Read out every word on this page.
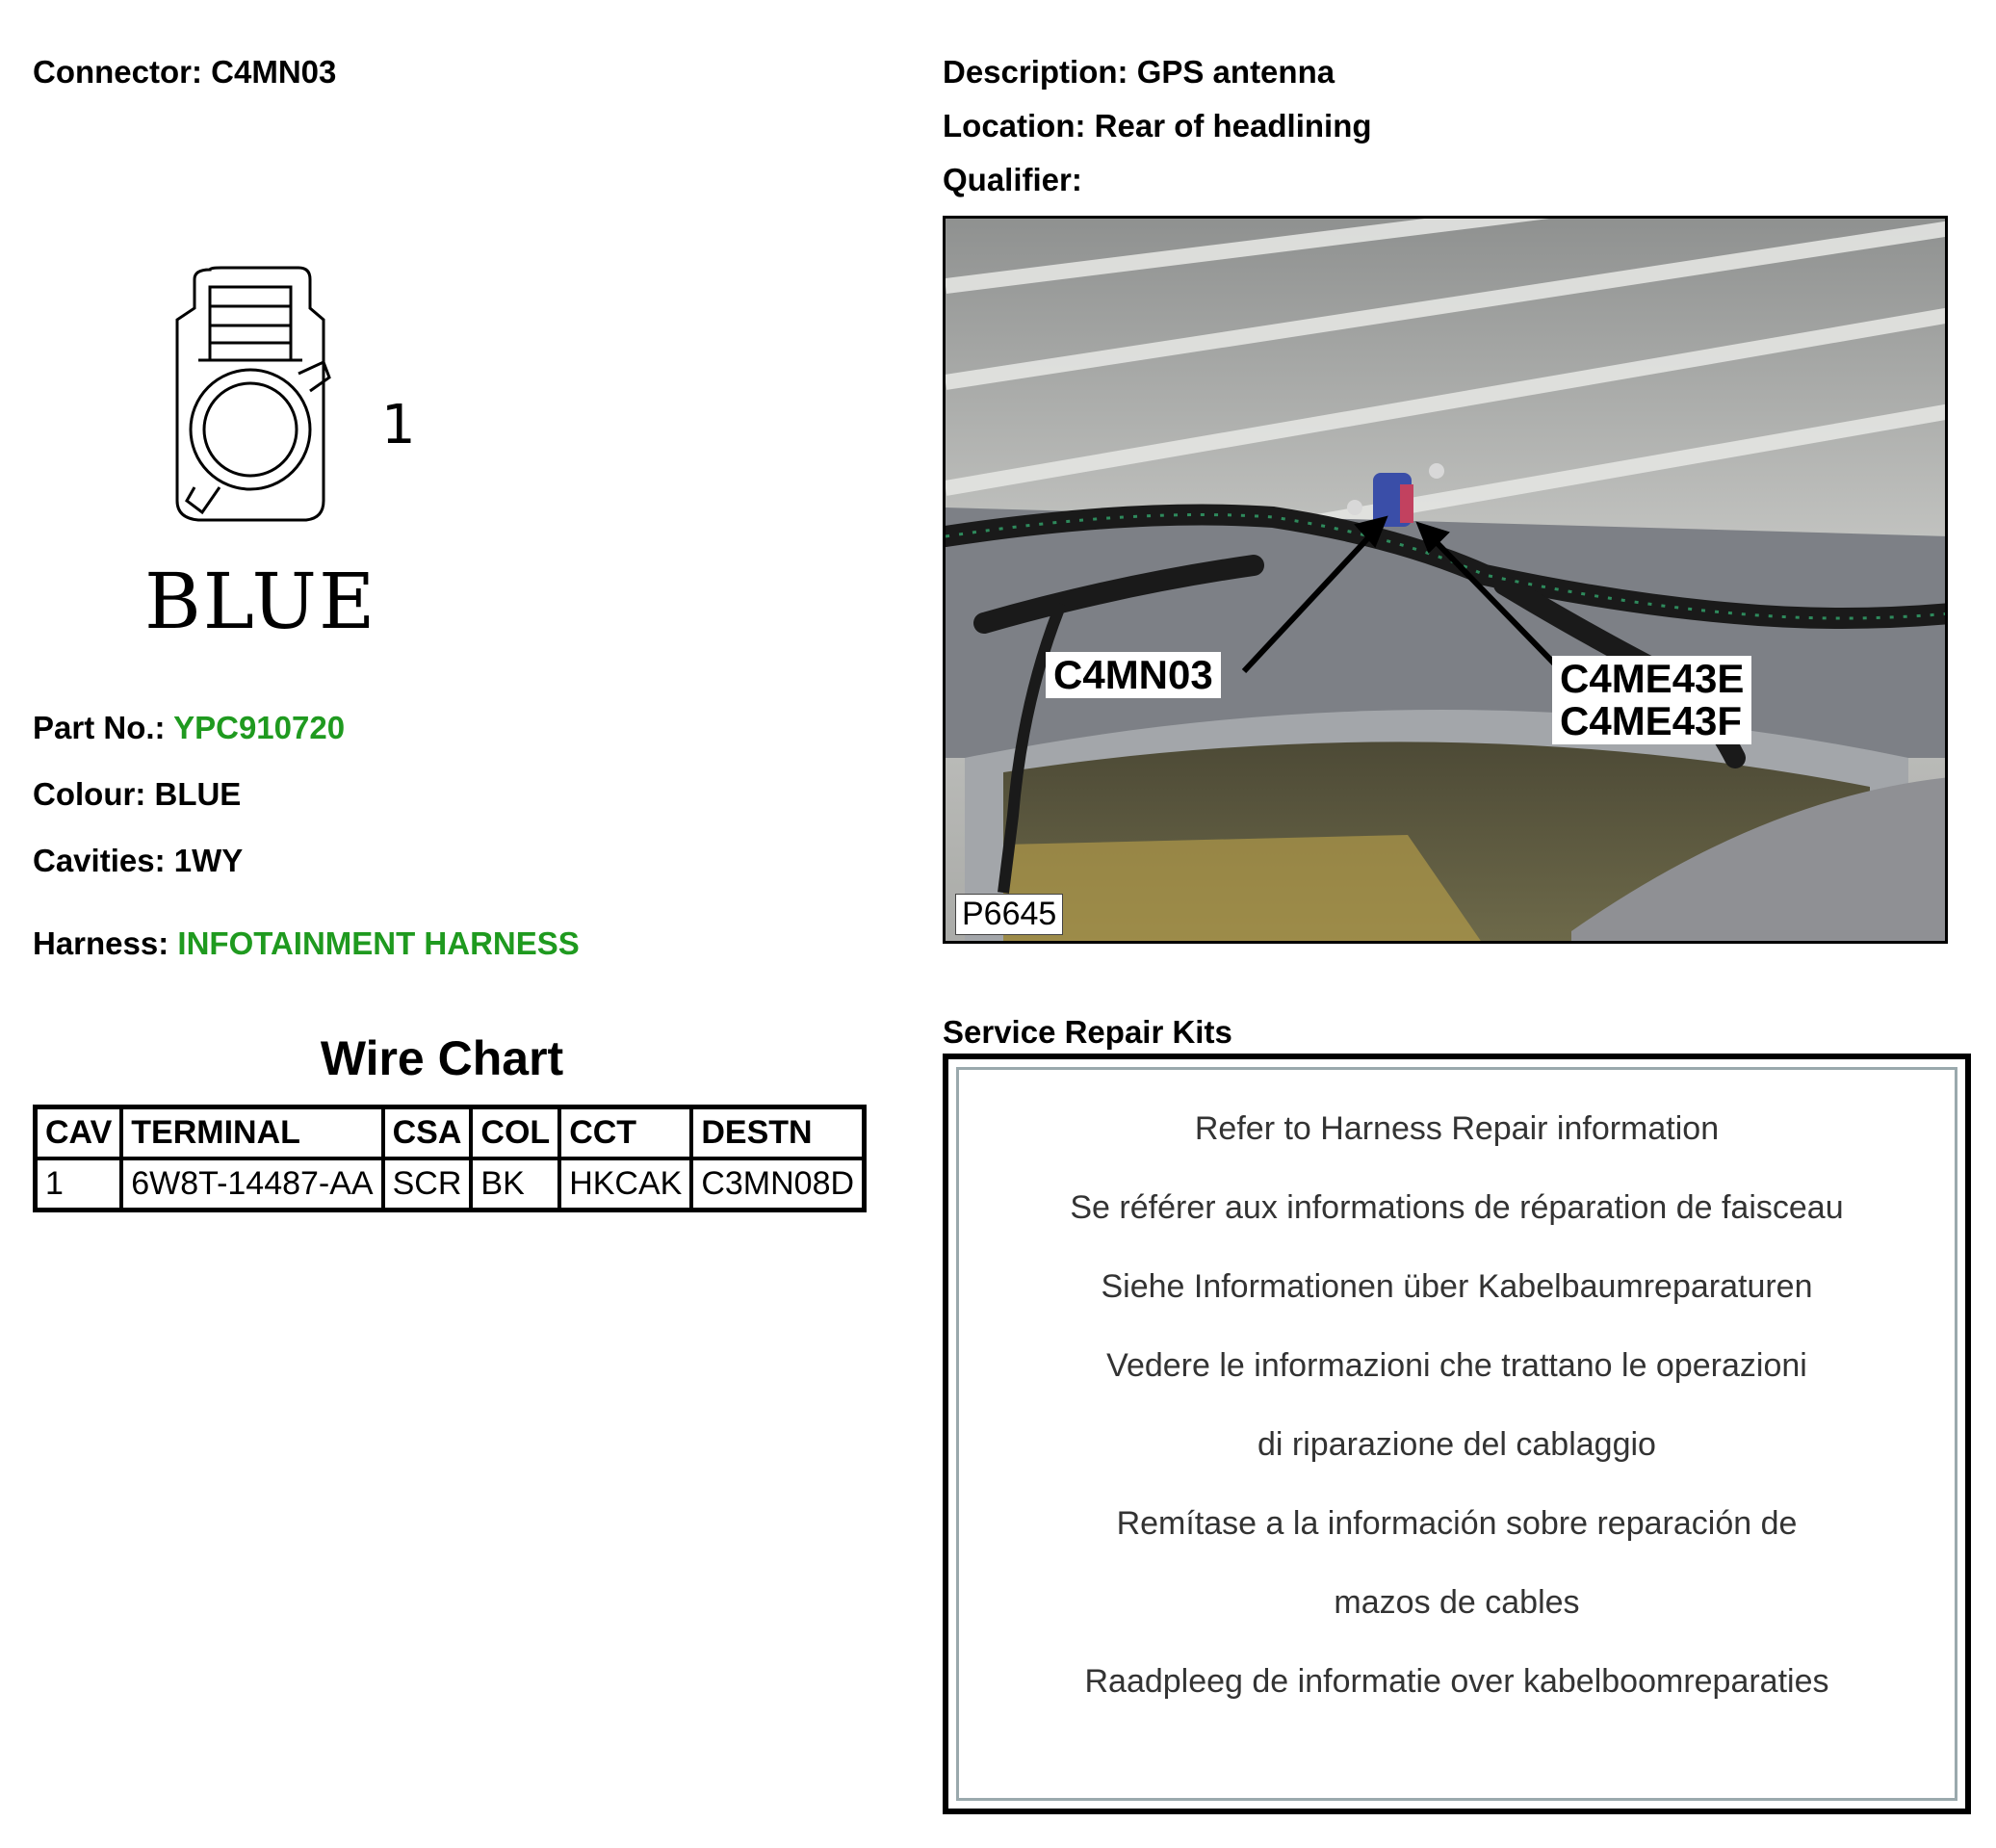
Connector: C4MN03	Description: GPS antenna
Location: Rear of headlining
Qualifier:
1
BLUE
Part No.: YPC910720
Colour: BLUE
Cavities: 1WY
Harness: INFOTAINMENT HARNESS
Wire Chart
CAV	TERMINAL	CSA	COL	CCT	DESTN
1	6W8T-14487-AA	SCR	BK	HKCAK	C3MN08D
C4MN03	C4ME43E
C4ME43F
P6645
Service Repair Kits
Refer to Harness Repair information
Se référer aux informations de réparation de faisceau
Siehe Informationen über Kabelbaumreparaturen
Vedere le informazioni che trattano le operazioni
di riparazione del cablaggio
Remítase a la información sobre reparación de
mazos de cables
Raadpleeg de informatie over kabelboomreparaties
